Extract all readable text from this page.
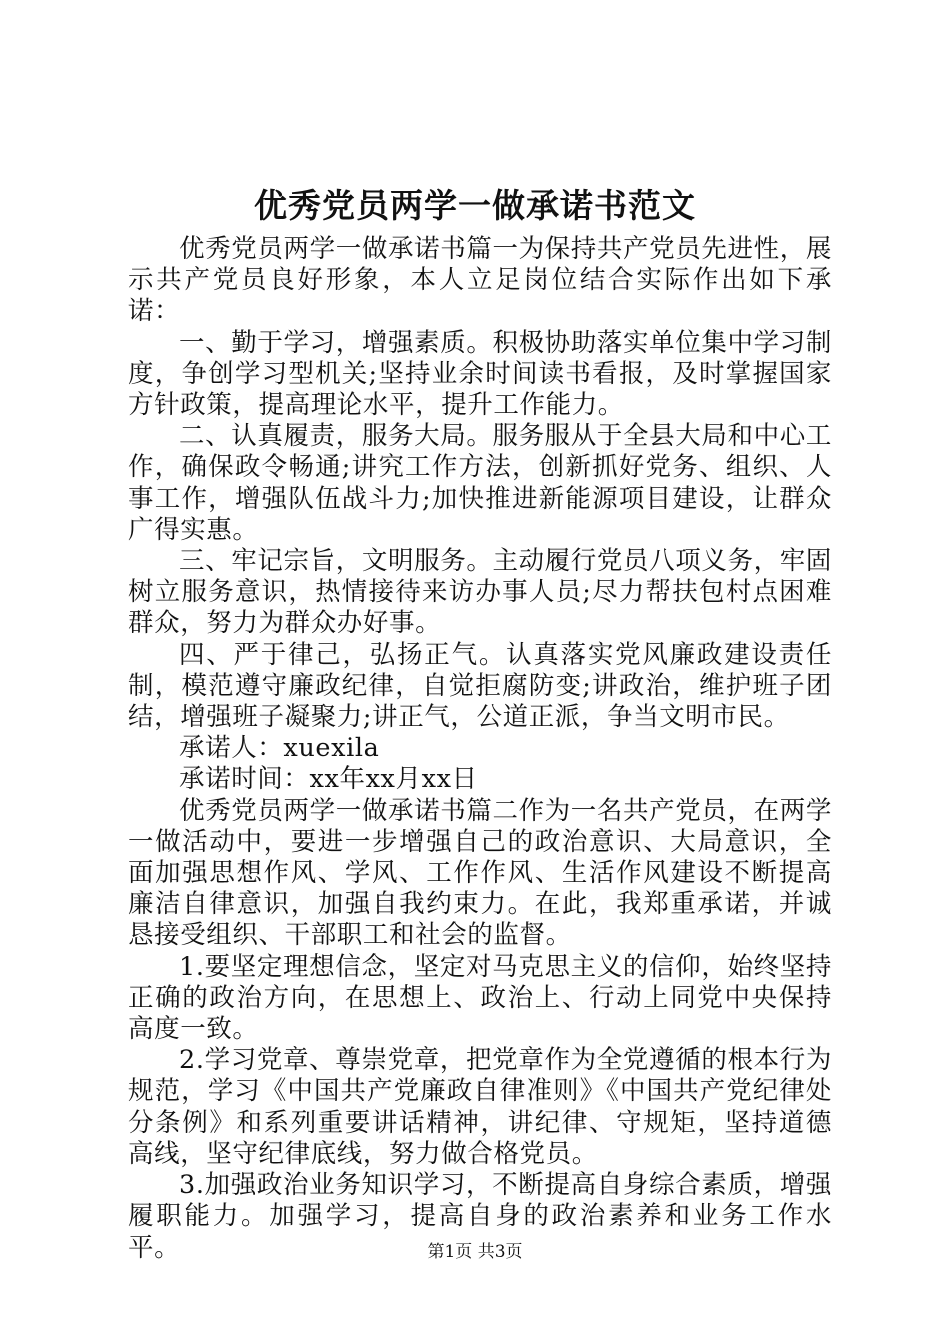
优秀党员两学一做承诺书范文

优秀党员两学一做承诺书篇一为保持共产党员先进性，展示共产党员良好形象，本人立足岗位结合实际作出如下承诺：

一、勤于学习，增强素质。积极协助落实单位集中学习制度，争创学习型机关;坚持业余时间读书看报，及时掌握国家方针政策，提高理论水平，提升工作能力。

二、认真履责，服务大局。服务服从于全县大局和中心工作，确保政令畅通;讲究工作方法，创新抓好党务、组织、人事工作，增强队伍战斗力;加快推进新能源项目建设，让群众广得实惠。

三、牢记宗旨，文明服务。主动履行党员八项义务，牢固树立服务意识，热情接待来访办事人员;尽力帮扶包村点困难群众，努力为群众办好事。

四、严于律己，弘扬正气。认真落实党风廉政建设责任制，模范遵守廉政纪律，自觉拒腐防变;讲政治，维护班子团结，增强班子凝聚力;讲正气，公道正派，争当文明市民。

承诺人：xuexila

承诺时间：xx年xx月xx日

优秀党员两学一做承诺书篇二作为一名共产党员，在两学一做活动中，要进一步增强自己的政治意识、大局意识，全面加强思想作风、学风、工作作风、生活作风建设不断提高廉洁自律意识，加强自我约束力。在此，我郑重承诺，并诚恳接受组织、干部职工和社会的监督。

1.要坚定理想信念，坚定对马克思主义的信仰，始终坚持正确的政治方向，在思想上、政治上、行动上同党中央保持高度一致。

2.学习党章、尊崇党章，把党章作为全党遵循的根本行为规范，学习《中国共产党廉政自律准则》《中国共产党纪律处分条例》和系列重要讲话精神，讲纪律、守规矩，坚持道德高线，坚守纪律底线，努力做合格党员。

3.加强政治业务知识学习，不断提高自身综合素质，增强履职能力。加强学习，提高自身的政治素养和业务工作水平。	第1页 共3页
